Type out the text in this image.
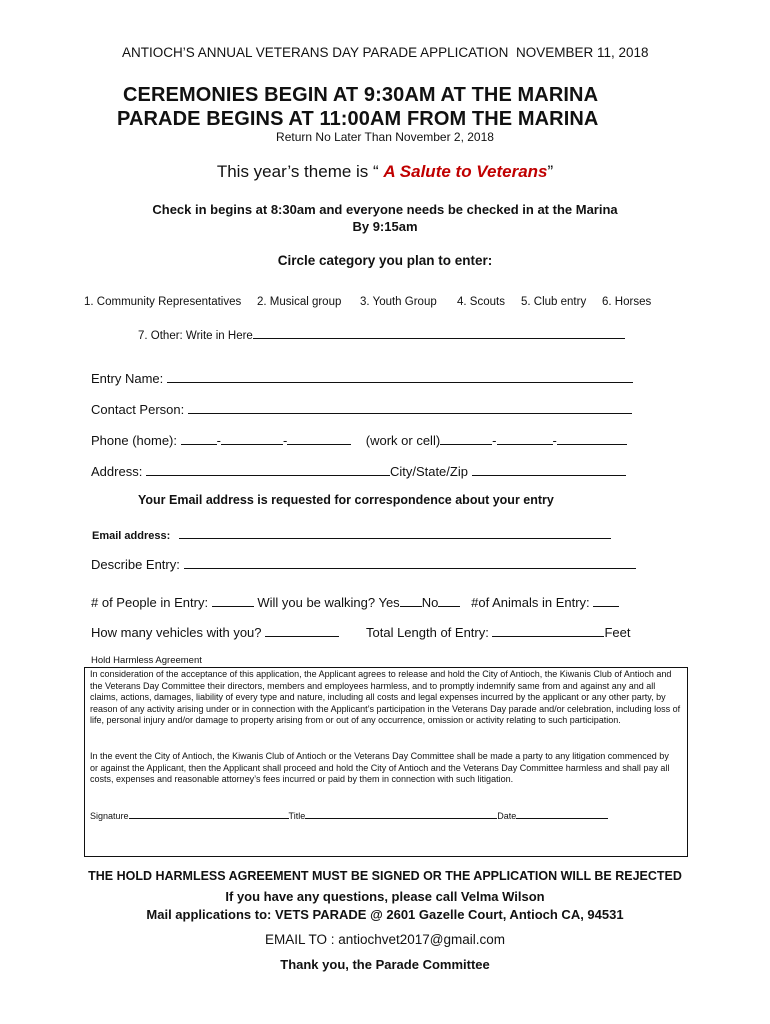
ANTIOCH’S ANNUAL VETERANS DAY PARADE APPLICATION NOVEMBER 11, 2018
CEREMONIES BEGIN AT 9:30AM AT THE MARINA
PARADE BEGINS AT 11:00AM FROM THE MARINA
Return No Later Than November 2, 2018
This year’s theme is “ A Salute to Veterans”
Check in begins at 8:30am and everyone needs be checked in at the Marina
By 9:15am
Circle category you plan to enter:
1. Community Representatives 2. Musical group 3. Youth Group 4. Scouts 5. Club entry 6. Horses
7. Other: Write in Here
Entry Name:
Contact Person:
Phone (home):	-	-	(work or cell)	-	-
Address:	City/State/Zip
Your Email address is requested for correspondence about your entry
Email address:
Describe Entry:
# of People in Entry:	Will you be walking? Yes No	#of Animals in Entry:
How many vehicles with you?	Total Length of Entry:	Feet
Hold Harmless Agreement
In consideration of the acceptance of this application, the Applicant agrees to release and hold the City of Antioch, the Kiwanis Club of Antioch and the Veterans Day Committee their directors, members and employees harmless, and to promptly indemnify same from and against any and all claims, actions, damages, liability of every type and nature, including all costs and legal expenses incurred by the applicant or any other party, by reason of any activity arising under or in connection with the Applicant’s participation in the Veterans Day parade and/or celebration, including loss of life, personal injury and/or damage to property arising from or out of any occurrence, omission or activity relating to such participation.
In the event the City of Antioch, the Kiwanis Club of Antioch or the Veterans Day Committee shall be made a party to any litigation commenced by or against the Applicant, then the Applicant shall proceed and hold the City of Antioch and the Veterans Day Committee harmless and shall pay all costs, expenses and reasonable attorney’s fees incurred or paid by them in connection with such litigation.
Signature	Title	Date
THE HOLD HARMLESS AGREEMENT MUST BE SIGNED OR THE APPLICATION WILL BE REJECTED
If you have any questions, please call Velma Wilson
Mail applications to: VETS PARADE @ 2601 Gazelle Court, Antioch CA, 94531
EMAIL TO : antiochvet2017@gmail.com
Thank you, the Parade Committee
